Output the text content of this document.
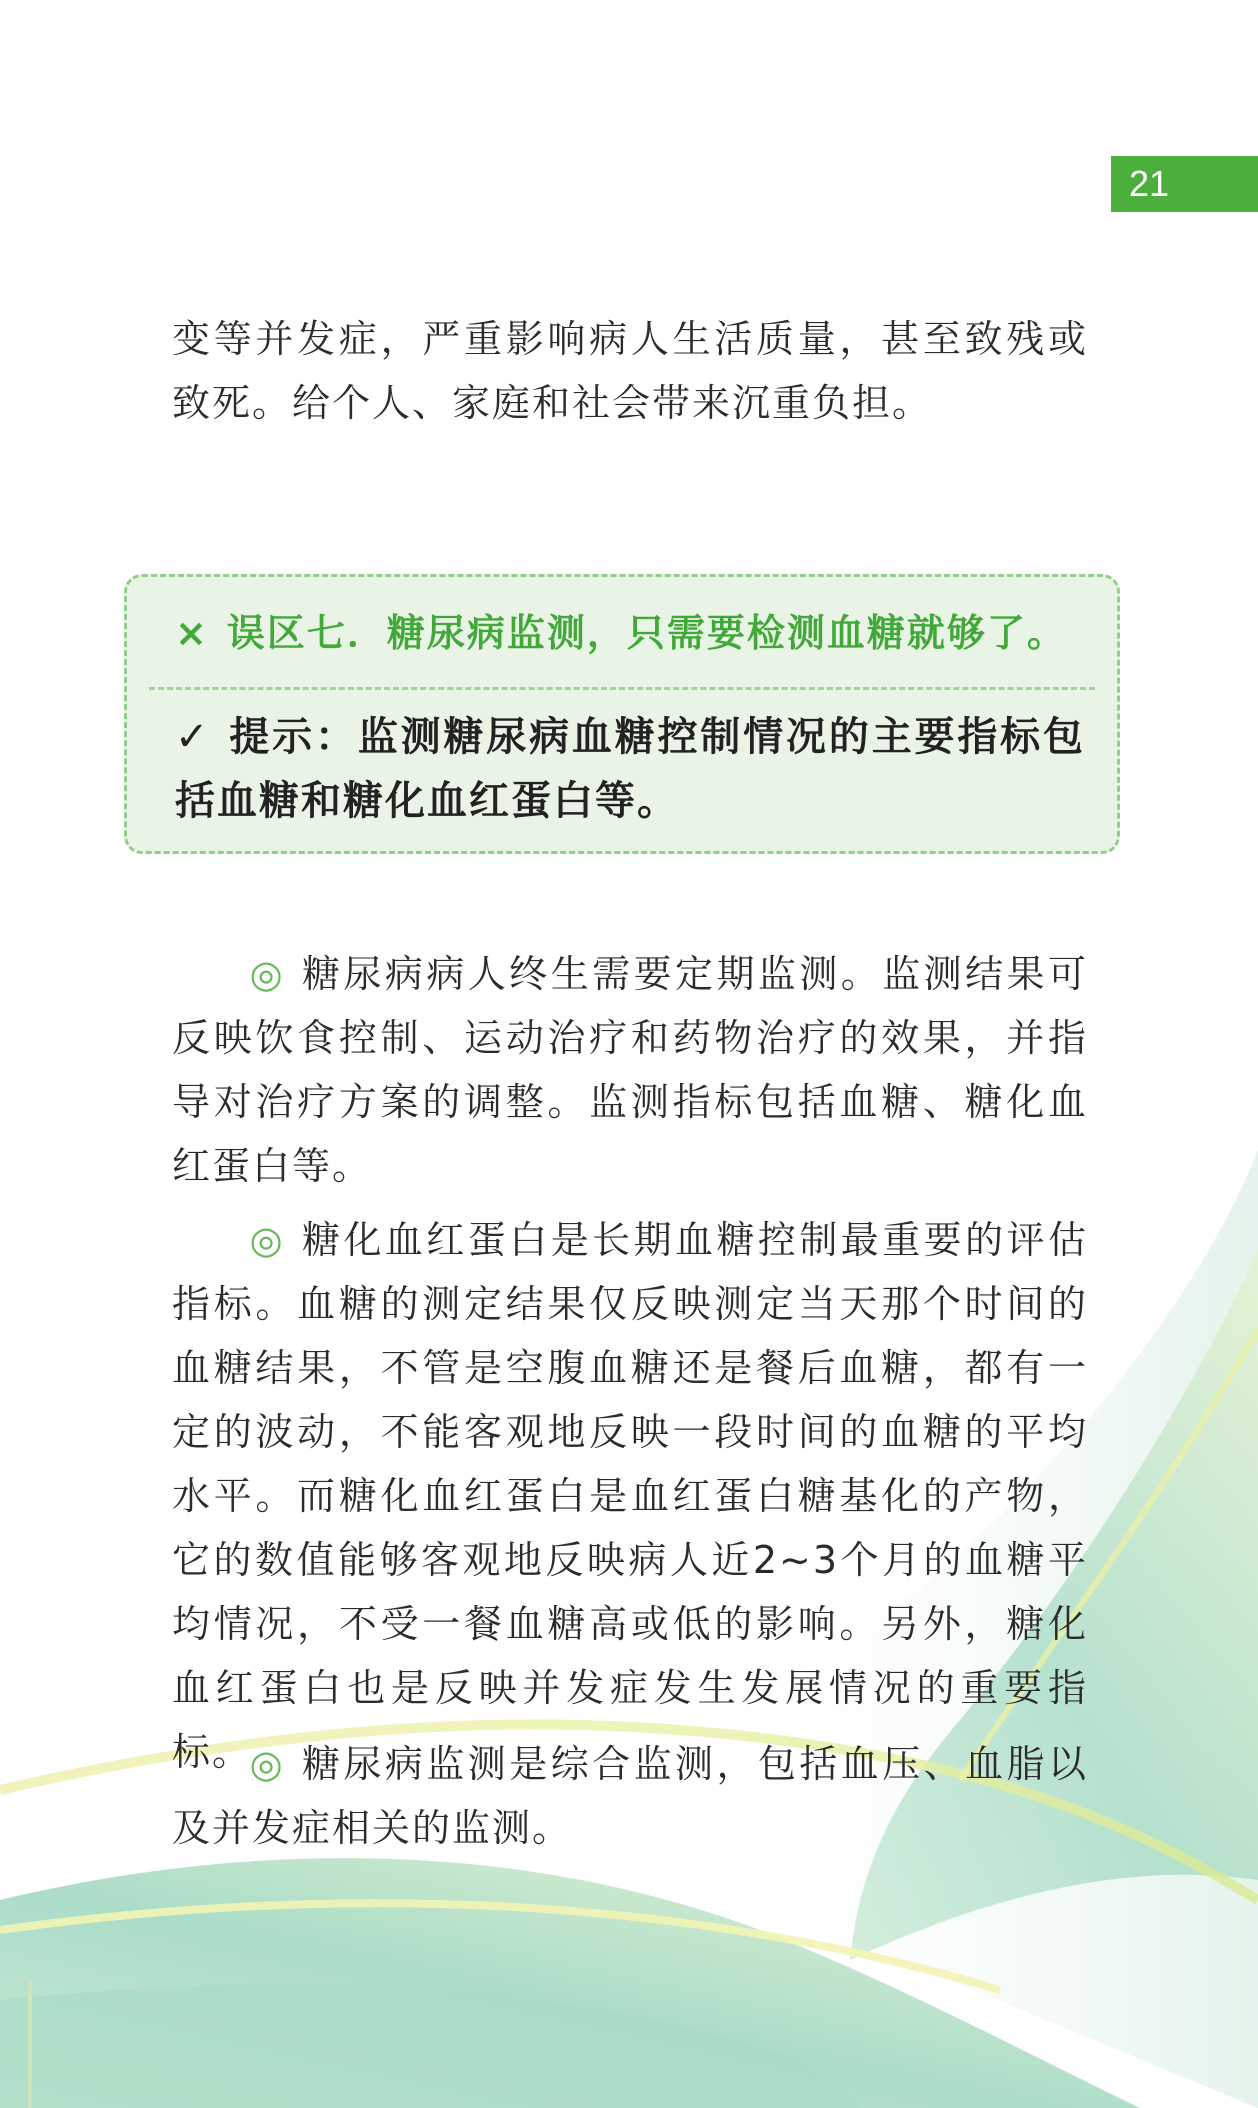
21
变等并发症，严重影响病人生活质量，甚至致残或致死。给个人、家庭和社会带来沉重负担。
× 误区七．糖尿病监测，只需要检测血糖就够了。
✓ 提示：监测糖尿病血糖控制情况的主要指标包括血糖和糖化血红蛋白等。
◎ 糖尿病病人终生需要定期监测。监测结果可反映饮食控制、运动治疗和药物治疗的效果，并指导对治疗方案的调整。监测指标包括血糖、糖化血红蛋白等。
◎ 糖化血红蛋白是长期血糖控制最重要的评估指标。血糖的测定结果仅反映测定当天那个时间的血糖结果，不管是空腹血糖还是餐后血糖，都有一定的波动，不能客观地反映一段时间的血糖的平均水平。而糖化血红蛋白是血红蛋白糖基化的产物，它的数值能够客观地反映病人近2~3个月的血糖平均情况，不受一餐血糖高或低的影响。另外，糖化血红蛋白也是反映并发症发生发展情况的重要指标。
◎ 糖尿病监测是综合监测，包括血压、血脂以及并发症相关的监测。
